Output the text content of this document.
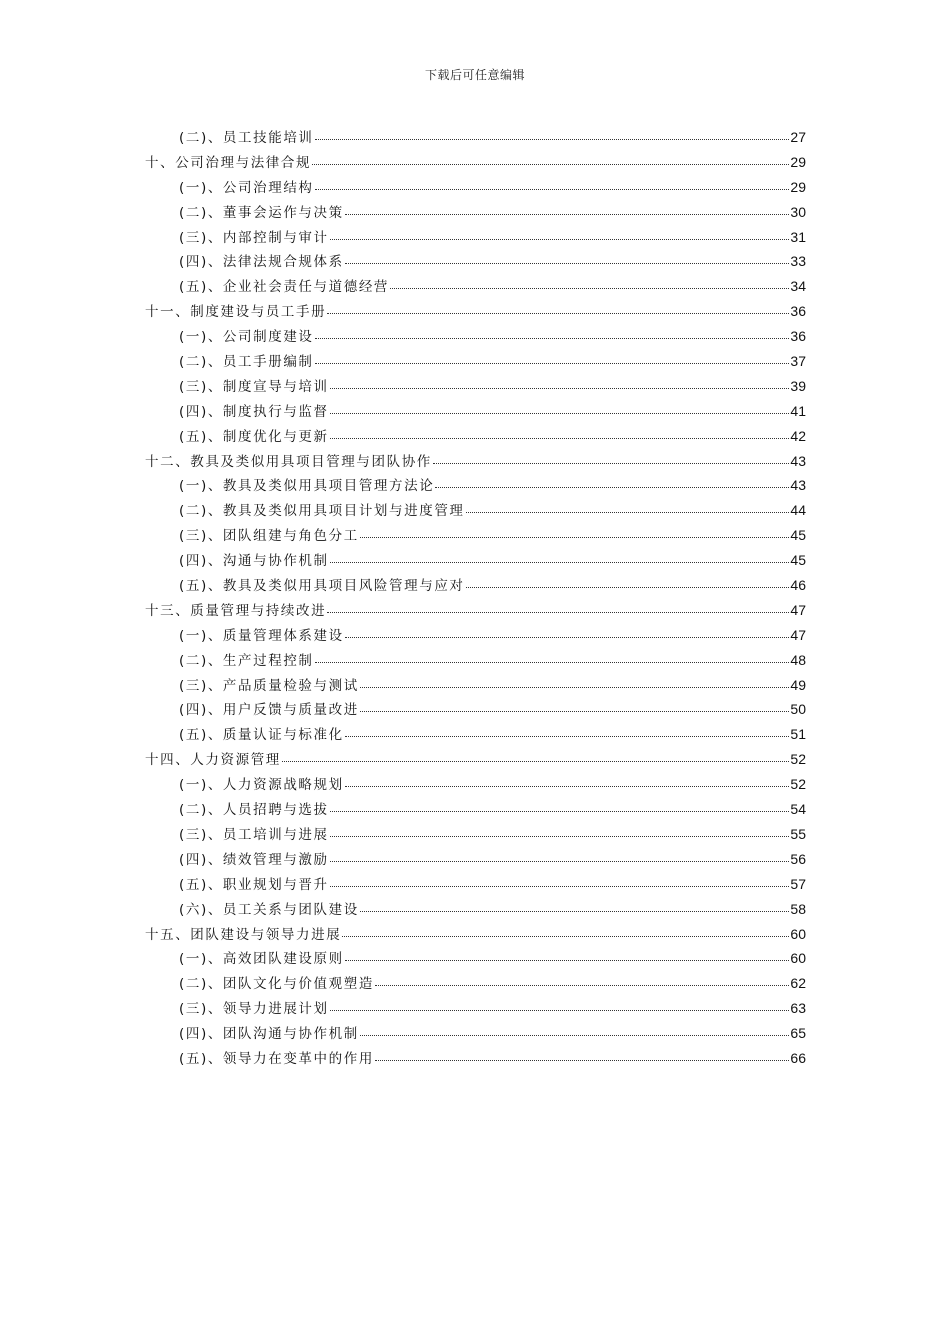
下载后可任意编辑
(二)、员工技能培训	27
十、公司治理与法律合规	29
(一)、公司治理结构	29
(二)、董事会运作与决策	30
(三)、内部控制与审计	31
(四)、法律法规合规体系	33
(五)、企业社会责任与道德经营	34
十一、制度建设与员工手册	36
(一)、公司制度建设	36
(二)、员工手册编制	37
(三)、制度宣导与培训	39
(四)、制度执行与监督	41
(五)、制度优化与更新	42
十二、教具及类似用具项目管理与团队协作	43
(一)、教具及类似用具项目管理方法论	43
(二)、教具及类似用具项目计划与进度管理	44
(三)、团队组建与角色分工	45
(四)、沟通与协作机制	45
(五)、教具及类似用具项目风险管理与应对	46
十三、质量管理与持续改进	47
(一)、质量管理体系建设	47
(二)、生产过程控制	48
(三)、产品质量检验与测试	49
(四)、用户反馈与质量改进	50
(五)、质量认证与标准化	51
十四、人力资源管理	52
(一)、人力资源战略规划	52
(二)、人员招聘与选拔	54
(三)、员工培训与进展	55
(四)、绩效管理与激励	56
(五)、职业规划与晋升	57
(六)、员工关系与团队建设	58
十五、团队建设与领导力进展	60
(一)、高效团队建设原则	60
(二)、团队文化与价值观塑造	62
(三)、领导力进展计划	63
(四)、团队沟通与协作机制	65
(五)、领导力在变革中的作用	66
